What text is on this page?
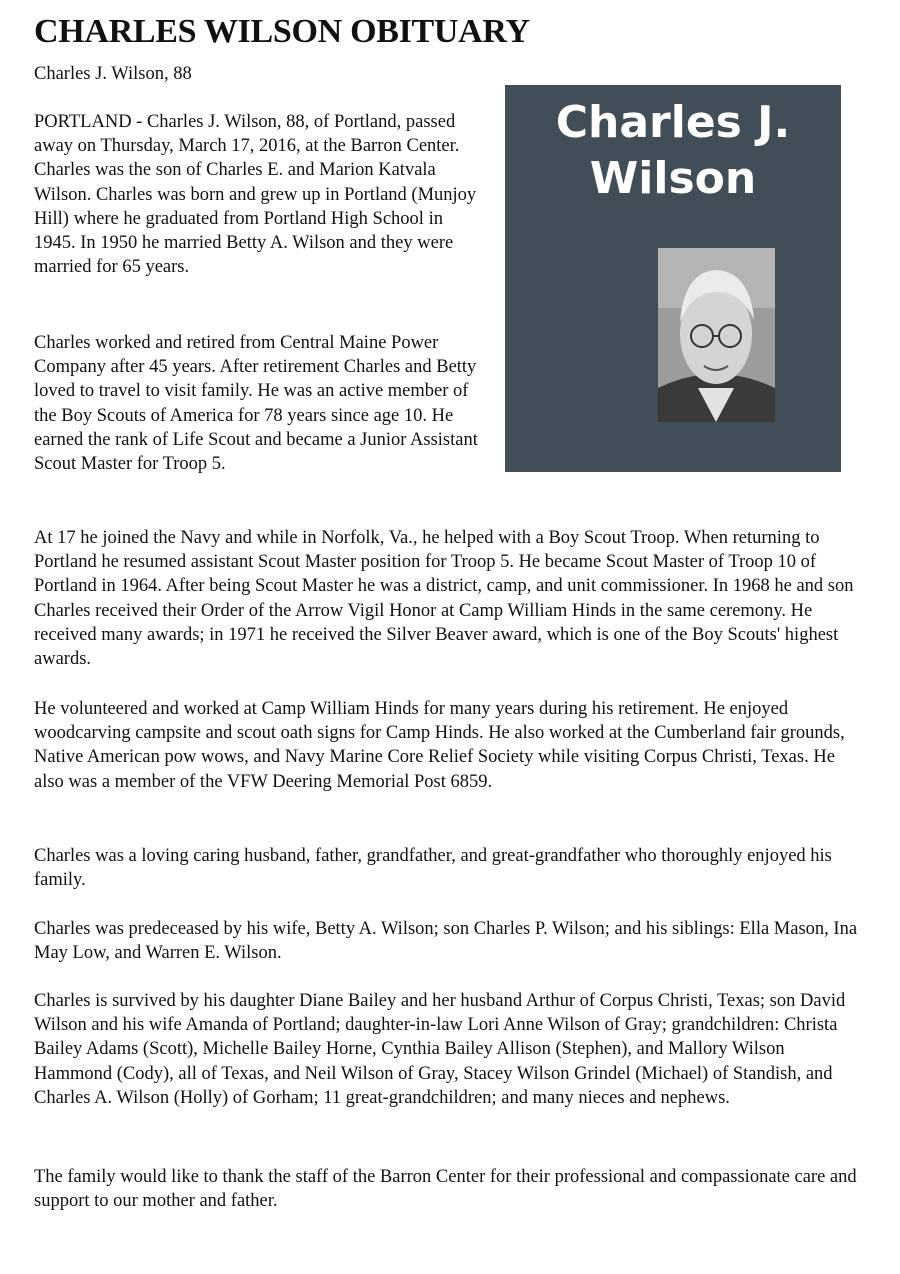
CHARLES WILSON OBITUARY
Charles J. Wilson, 88
Charles J.
Wilson

PORTLAND - Charles J. Wilson, 88, of Portland, passed away on Thursday, March 17, 2016, at the Barron Center. Charles was the son of Charles E. and Marion Katvala Wilson. Charles was born and grew up in Portland (Munjoy Hill) where he graduated from Portland High School in 1945. In 1950 he married Betty A. Wilson and they were married for 65 years.

Charles worked and retired from Central Maine Power Company after 45 years. After retirement Charles and Betty loved to travel to visit family. He was an active member of the Boy Scouts of America for 78 years since age 10. He earned the rank of Life Scout and became a Junior Assistant Scout Master for Troop 5.

At 17 he joined the Navy and while in Norfolk, Va., he helped with a Boy Scout Troop. When returning to Portland he resumed assistant Scout Master position for Troop 5. He became Scout Master of Troop 10 of Portland in 1964. After being Scout Master he was a district, camp, and unit commissioner. In 1968 he and son Charles received their Order of the Arrow Vigil Honor at Camp William Hinds in the same ceremony. He received many awards; in 1971 he received the Silver Beaver award, which is one of the Boy Scouts' highest awards.

He volunteered and worked at Camp William Hinds for many years during his retirement. He enjoyed woodcarving campsite and scout oath signs for Camp Hinds. He also worked at the Cumberland fair grounds, Native American pow wows, and Navy Marine Core Relief Society while visiting Corpus Christi, Texas. He also was a member of the VFW Deering Memorial Post 6859.

Charles was a loving caring husband, father, grandfather, and great-grandfather who thoroughly enjoyed his family.

Charles was predeceased by his wife, Betty A. Wilson; son Charles P. Wilson; and his siblings: Ella Mason, Ina May Low, and Warren E. Wilson.

Charles is survived by his daughter Diane Bailey and her husband Arthur of Corpus Christi, Texas; son David Wilson and his wife Amanda of Portland; daughter-in-law Lori Anne Wilson of Gray; grandchildren: Christa Bailey Adams (Scott), Michelle Bailey Horne, Cynthia Bailey Allison (Stephen), and Mallory Wilson Hammond (Cody), all of Texas, and Neil Wilson of Gray, Stacey Wilson Grindel (Michael) of Standish, and Charles A. Wilson (Holly) of Gorham; 11 great-grandchildren; and many nieces and nephews.

The family would like to thank the staff of the Barron Center for their professional and compassionate care and support to our mother and father.
